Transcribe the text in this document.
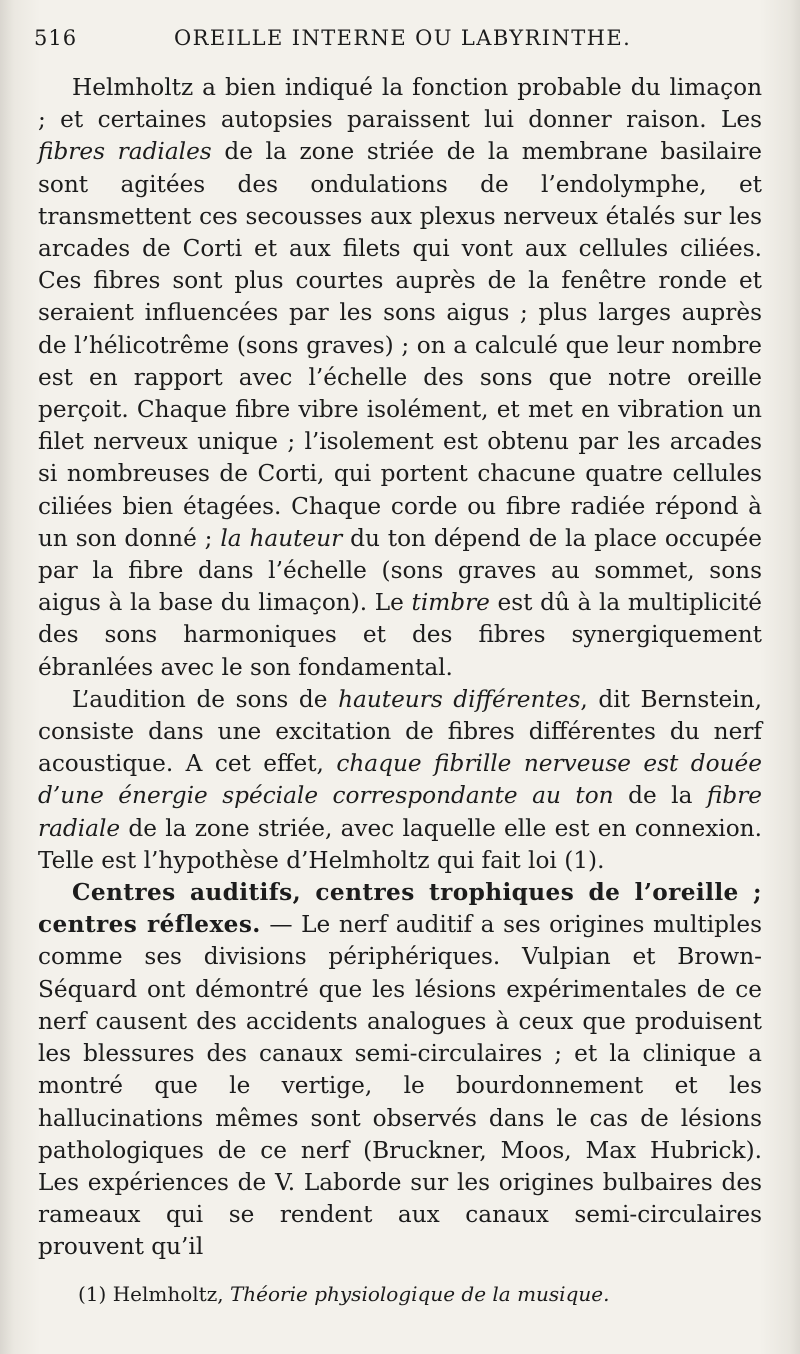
516	OREILLE INTERNE OU LABYRINTHE.

Helmholtz a bien indiqué la fonction probable du limaçon ; et certaines autopsies paraissent lui donner raison. Les fibres radiales de la zone striée de la membrane basilaire sont agitées des ondulations de l’endolymphe, et transmettent ces secousses aux plexus nerveux étalés sur les arcades de Corti et aux filets qui vont aux cellules ciliées. Ces fibres sont plus courtes auprès de la fenêtre ronde et seraient influencées par les sons aigus ; plus larges auprès de l’hélicotrême (sons graves) ; on a calculé que leur nombre est en rapport avec l’échelle des sons que notre oreille perçoit. Chaque fibre vibre isolément, et met en vibration un filet nerveux unique ; l’isolement est obtenu par les arcades si nombreuses de Corti, qui portent chacune quatre cellules ciliées bien étagées. Chaque corde ou fibre radiée répond à un son donné ; la hauteur du ton dépend de la place occupée par la fibre dans l’échelle (sons graves au sommet, sons aigus à la base du limaçon). Le timbre est dû à la multiplicité des sons harmoniques et des fibres synergiquement ébranlées avec le son fondamental.

L’audition de sons de hauteurs différentes, dit Bernstein, consiste dans une excitation de fibres différentes du nerf acoustique. A cet effet, chaque fibrille nerveuse est douée d’une énergie spéciale correspondante au ton de la fibre radiale de la zone striée, avec laquelle elle est en connexion. Telle est l’hypothèse d’Helmholtz qui fait loi (1).

Centres auditifs, centres trophiques de l’oreille ; centres réflexes. — Le nerf auditif a ses origines multiples comme ses divisions périphériques. Vulpian et Brown-Séquard ont démontré que les lésions expérimentales de ce nerf causent des accidents analogues à ceux que produisent les blessures des canaux semi-circulaires ; et la clinique a montré que le vertige, le bourdonnement et les hallucinations mêmes sont observés dans le cas de lésions pathologiques de ce nerf (Bruckner, Moos, Max Hubrick). Les expériences de V. Laborde sur les origines bulbaires des rameaux qui se rendent aux canaux semi-circulaires prouvent qu’il

(1) Helmholtz, Théorie physiologique de la musique.
